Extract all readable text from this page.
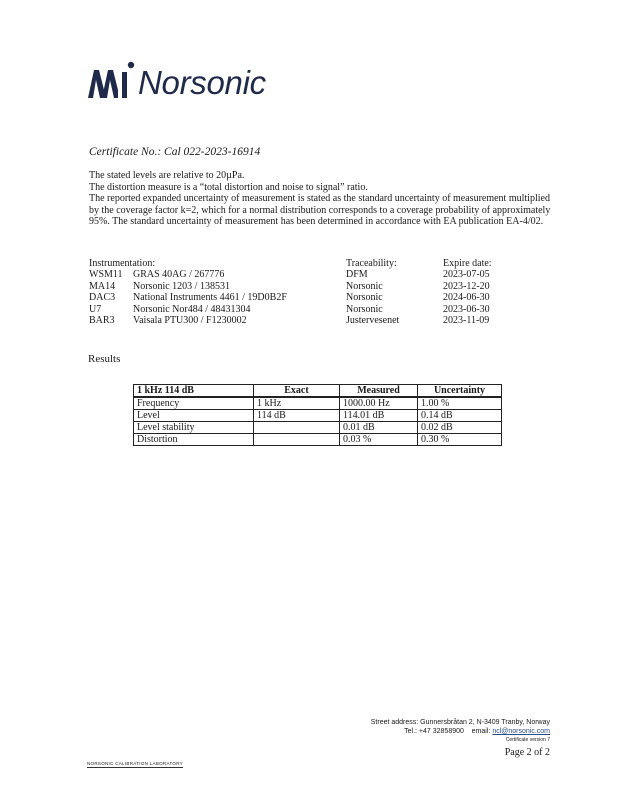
Norsonic
Certificate No.: Cal 022-2023-16914

The stated levels are relative to 20µPa.

The distortion measure is a “total distortion and noise to signal” ratio.

The reported expanded uncertainty of measurement is stated as the standard uncertainty of measurement multiplied by the coverage factor k=2, which for a normal distribution corresponds to a coverage probability of approximately 95%. The standard uncertainty of measurement has been determined in accordance with EA publication EA-4/02.

Instrumentation:	Traceability:	Expire date:
WSM11 GRAS 40AG / 267776	DFM	2023-07-05
MA14 Norsonic 1203 / 138531	Norsonic	2023-12-20
DAC3 National Instruments 4461 / 19D0B2F	Norsonic	2024-06-30
U7	Norsonic Nor484 / 48431304	Norsonic	2023-06-30
BAR3 Vaisala PTU300 / F1230002	Justervesenet	2023-11-09
Results
1 kHz 114 dB	Exact	Measured	Uncertainty
Frequency	1 kHz	1000.00 Hz	1.00 %
Level	114 dB	114.01 dB	0.14 dB
Level stability		0.01 dB	0.02 dB
Distortion		0.03 %	0.30 %
Street address: Gunnersbråtan 2, N-3409 Tranby, Norway
Tel.: +47 32858900 email: ncl@norsonic.com
Certificate version 7
Page 2 of 2
NORSONIC CALIBRATION LABORATORY
